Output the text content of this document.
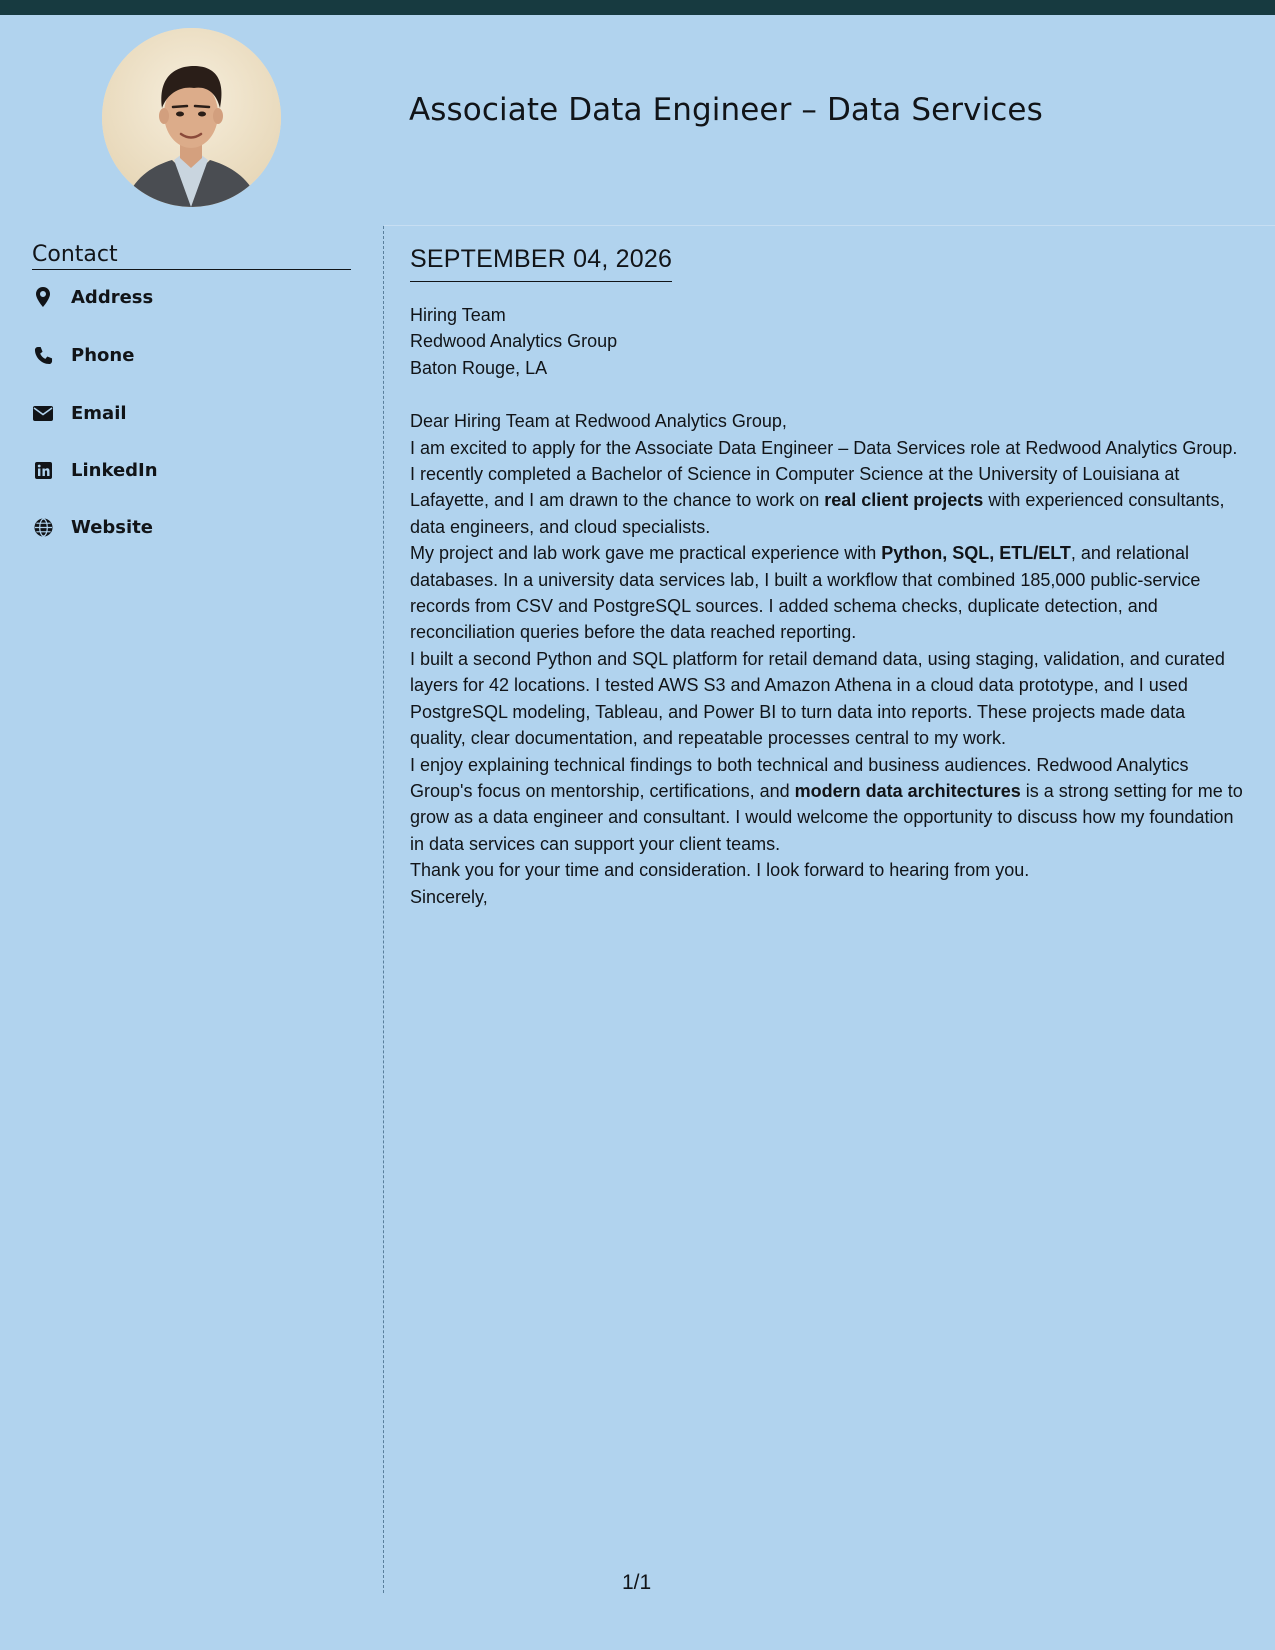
Associate Data Engineer – Data Services
Contact
Address
Phone
Email
LinkedIn
Website
SEPTEMBER 04, 2026

Hiring Team

Redwood Analytics Group

Baton Rouge, LA

Dear Hiring Team at Redwood Analytics Group,

I am excited to apply for the Associate Data Engineer – Data Services role at Redwood Analytics Group. I recently completed a Bachelor of Science in Computer Science at the University of Louisiana at Lafayette, and I am drawn to the chance to work on real client projects with experienced consultants, data engineers, and cloud specialists.

My project and lab work gave me practical experience with Python, SQL, ETL/ELT, and relational databases. In a university data services lab, I built a workflow that combined 185,000 public-service records from CSV and PostgreSQL sources. I added schema checks, duplicate detection, and reconciliation queries before the data reached reporting.

I built a second Python and SQL platform for retail demand data, using staging, validation, and curated layers for 42 locations. I tested AWS S3 and Amazon Athena in a cloud data prototype, and I used PostgreSQL modeling, Tableau, and Power BI to turn data into reports. These projects made data quality, clear documentation, and repeatable processes central to my work.

I enjoy explaining technical findings to both technical and business audiences. Redwood Analytics Group's focus on mentorship, certifications, and modern data architectures is a strong setting for me to grow as a data engineer and consultant. I would welcome the opportunity to discuss how my foundation in data services can support your client teams.

Thank you for your time and consideration. I look forward to hearing from you.

Sincerely,

1/1
